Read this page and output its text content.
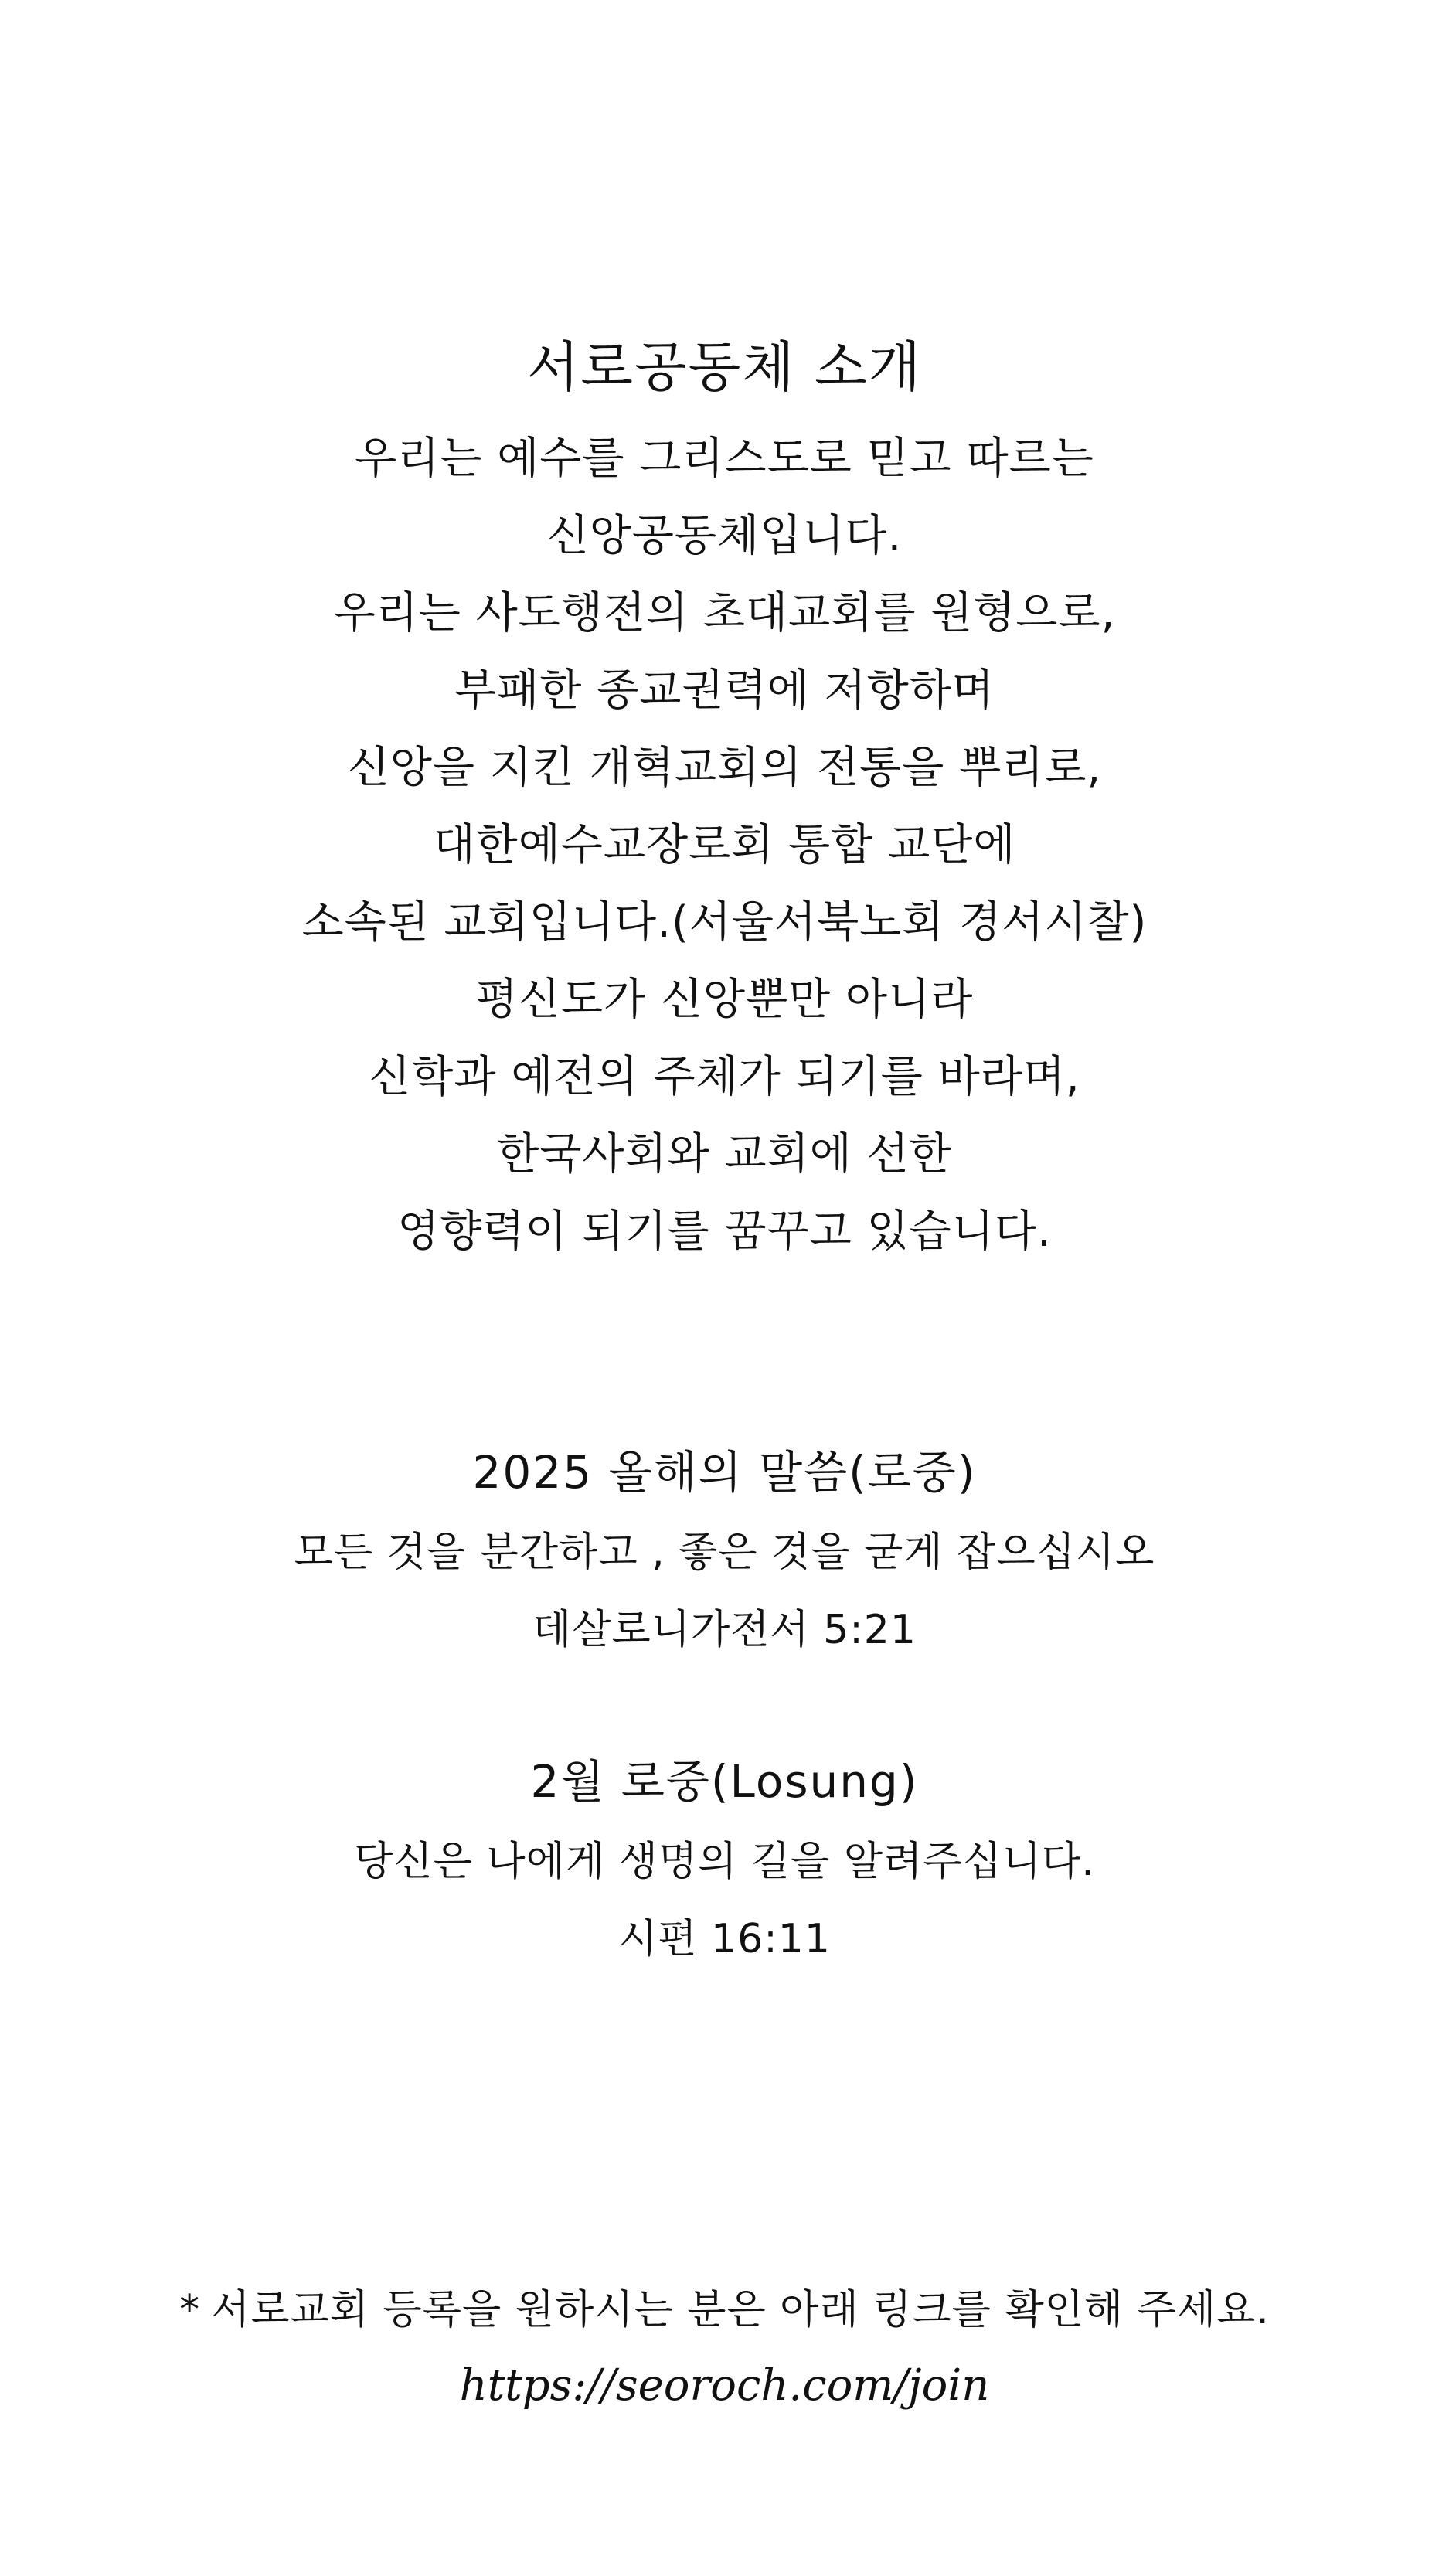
서로공동체 소개
우리는 예수를 그리스도로 믿고 따르는
신앙공동체입니다.
우리는 사도행전의 초대교회를 원형으로,
부패한 종교권력에 저항하며
신앙을 지킨 개혁교회의 전통을 뿌리로,
대한예수교장로회 통합 교단에
소속된 교회입니다.(서울서북노회 경서시찰)
평신도가 신앙뿐만 아니라
신학과 예전의 주체가 되기를 바라며,
한국사회와 교회에 선한
영향력이 되기를 꿈꾸고 있습니다.
2025 올해의 말씀(로중)
모든 것을 분간하고 , 좋은 것을 굳게 잡으십시오
데살로니가전서 5:21
2월 로중(Losung)
당신은 나에게 생명의 길을 알려주십니다.
시편 16:11
* 서로교회 등록을 원하시는 분은 아래 링크를 확인해 주세요.
https://seoroch.com/join
